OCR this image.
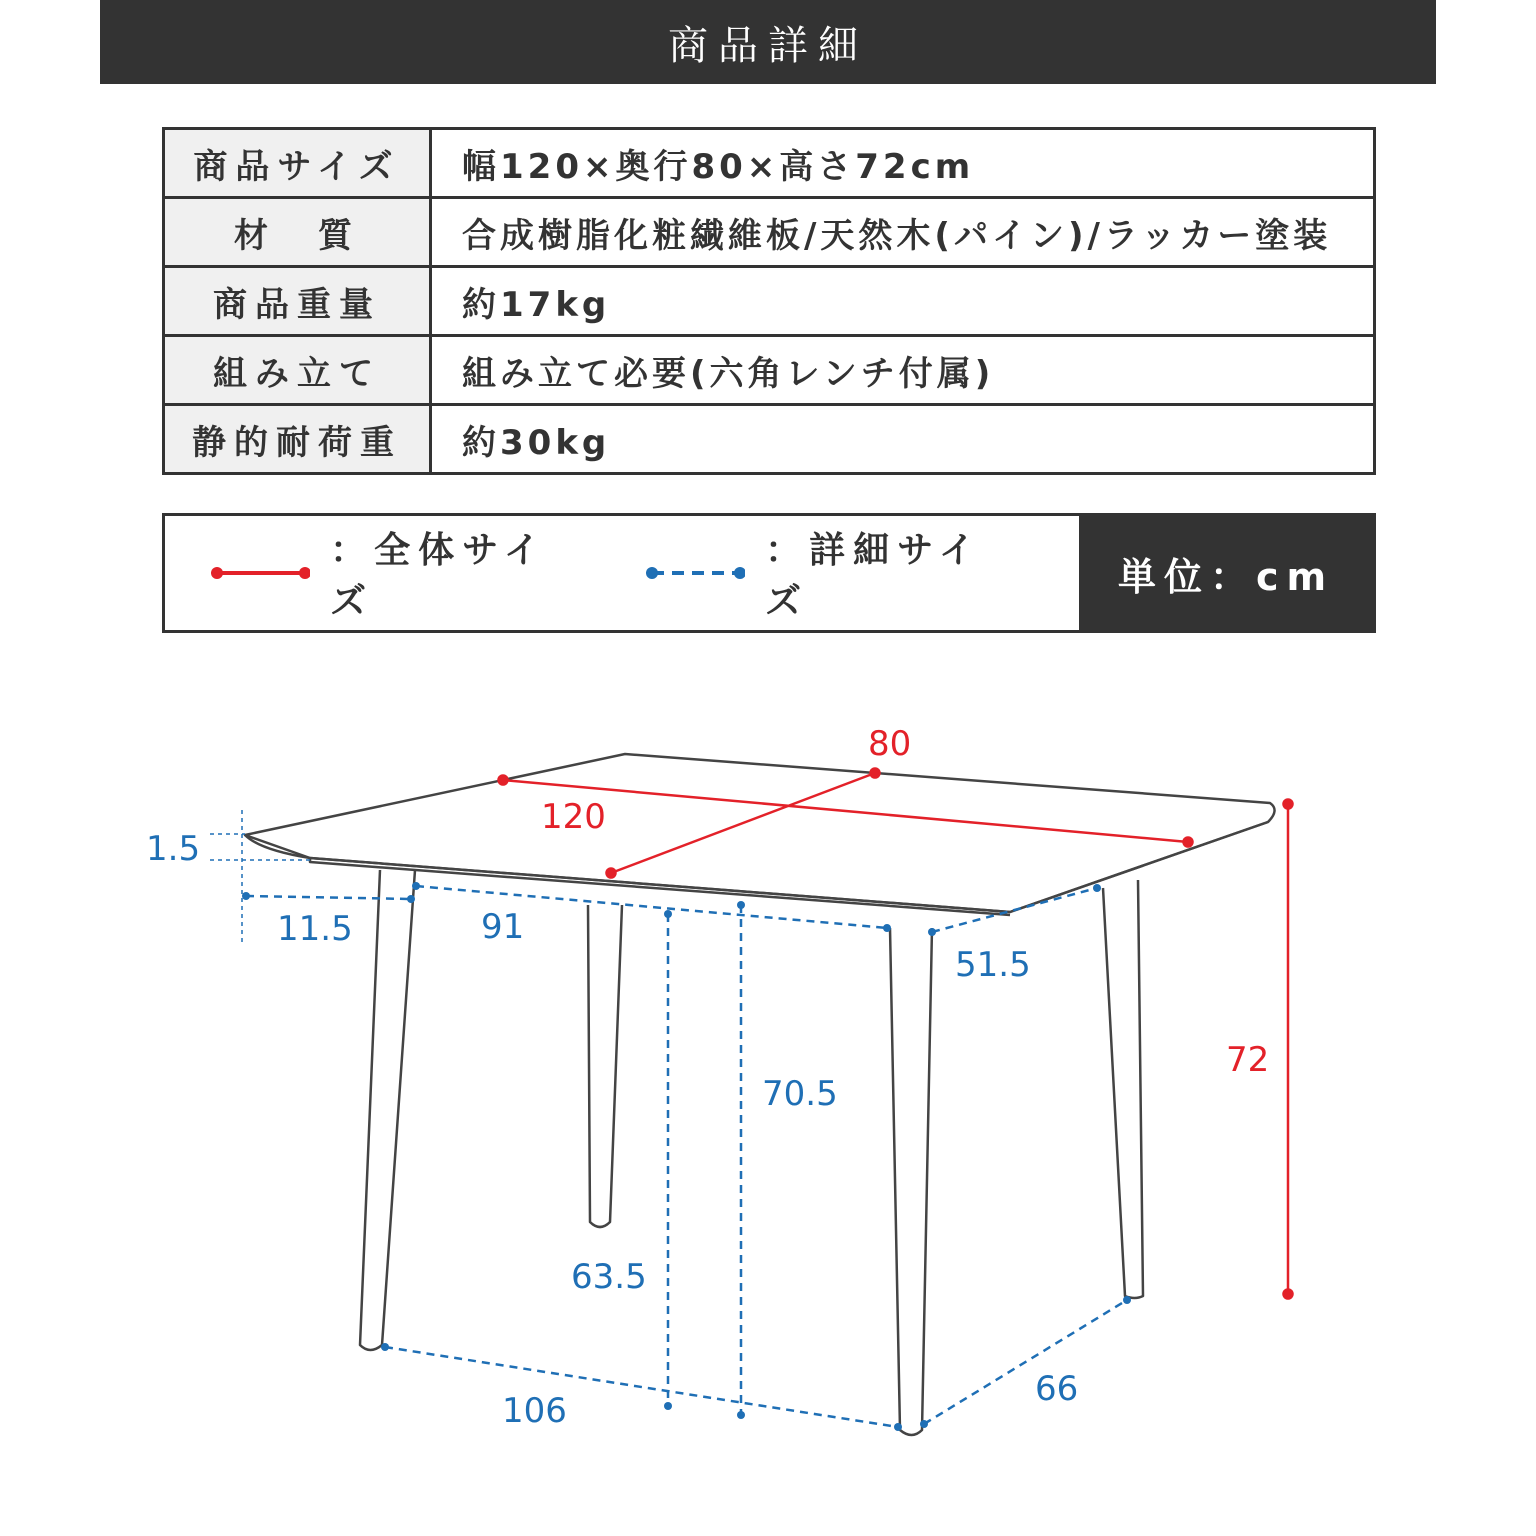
商品詳細
商品サイズ	幅120×奥行80×高さ72cm
材　質	合成樹脂化粧繊維板/天然木(パイン)/ラッカー塗装
商品重量	約17kg
組み立て	組み立て必要(六角レンチ付属)
静的耐荷重	約30kg
：全体サイズ
：詳細サイズ
単位：cm
80
120
72
1.5
11.5	91
51.5
70.5
63.5
106
66
